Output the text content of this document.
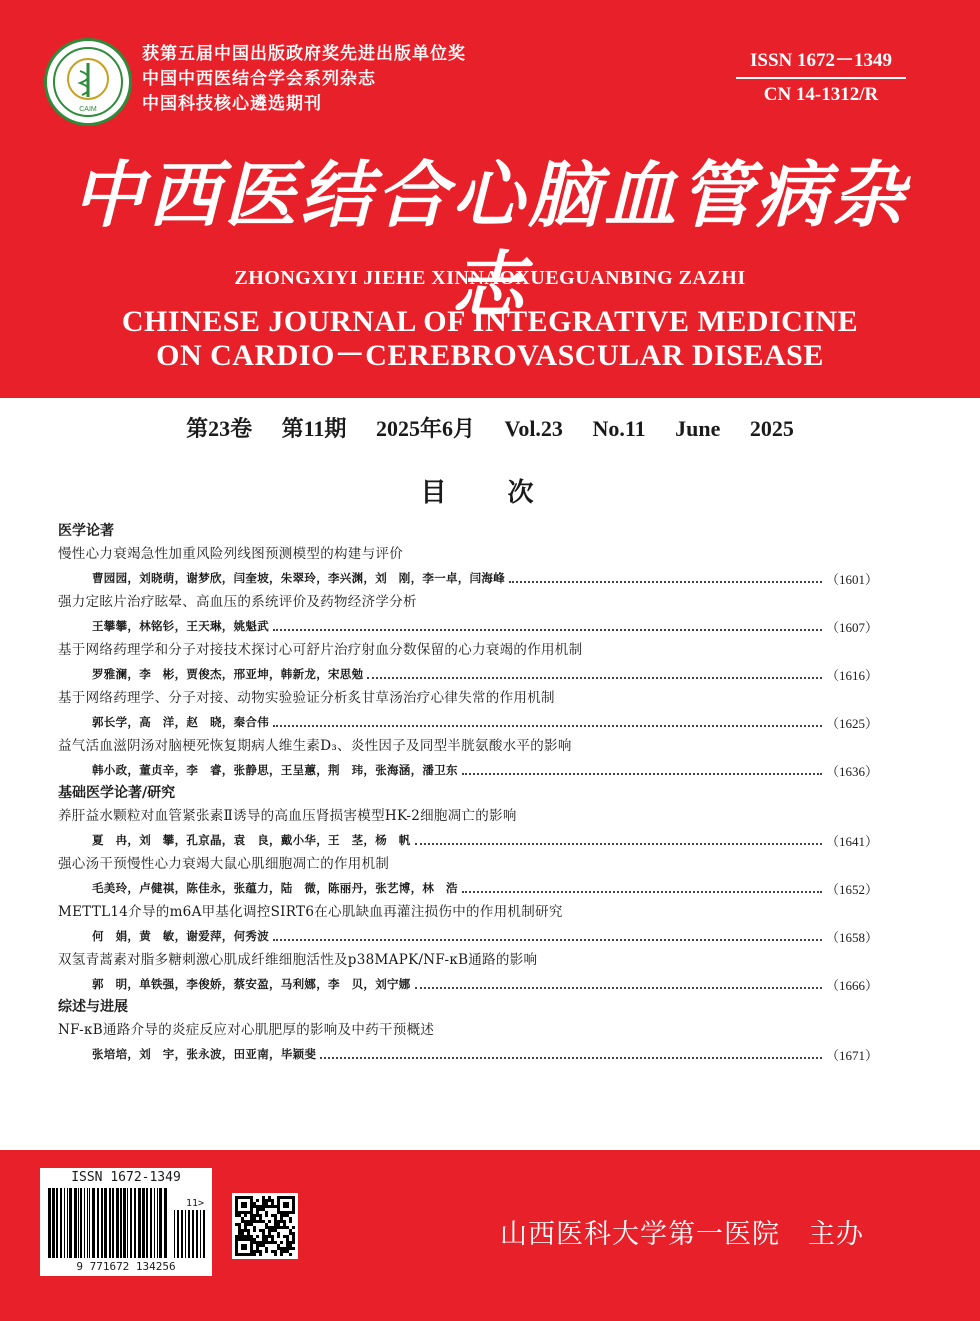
CAIM
获第五届中国出版政府奖先进出版单位奖
中国中西医结合学会系列杂志
中国科技核心遴选期刊
ISSN 1672－1349
CN 14-1312/R
中西医结合心脑血管病杂志
ZHONGXIYI JIEHE XINNAOXUEGUANBING ZAZHI
CHINESE JOURNAL OF INTEGRATIVE MEDICINE
ON CARDIO－CEREBROVASCULAR DISEASE
第23卷 第11期 2025年6月 Vol.23 No.11 June 2025
目 次
医学论著
慢性心力衰竭急性加重风险列线图预测模型的构建与评价
曹园园，刘晓萌，谢梦欣，闫奎坡，朱翠玲，李兴渊，刘　刚，李一卓，闫海峰	（1601）
强力定眩片治疗眩晕、高血压的系统评价及药物经济学分析
王攀攀，林铭钐，王天琳，姚魁武	（1607）
基于网络药理学和分子对接技术探讨心可舒片治疗射血分数保留的心力衰竭的作用机制
罗雅澜，李　彬，贾俊杰，邢亚坤，韩新龙，宋思勉	（1616）
基于网络药理学、分子对接、动物实验验证分析炙甘草汤治疗心律失常的作用机制
郭长学，高　洋，赵　晓，秦合伟	（1625）
益气活血滋阴汤对脑梗死恢复期病人维生素D₃、炎性因子及同型半胱氨酸水平的影响
韩小政，董贞辛，李　睿，张静思，王呈蕙，荆　玮，张海涵，潘卫东	（1636）
基础医学论著/研究
养肝益水颗粒对血管紧张素Ⅱ诱导的高血压肾损害模型HK-2细胞凋亡的影响
夏　冉，刘　攀，孔京晶，袁　良，戴小华，王　茎，杨　帆	（1641）
强心汤干预慢性心力衰竭大鼠心肌细胞凋亡的作用机制
毛美玲，卢健祺，陈佳永，张蕴力，陆　微，陈丽丹，张艺博，林　浩	（1652）
METTL14介导的m6A甲基化调控SIRT6在心肌缺血再灌注损伤中的作用机制研究
何　娟，黄　敏，谢爱萍，何秀波	（1658）
双氢青蒿素对脂多糖刺激心肌成纤维细胞活性及p38MAPK/NF-κB通路的影响
郭　明，单铁强，李俊娇，蔡安盈，马利娜，李　贝，刘宁娜	（1666）
综述与进展
NF-κB通路介导的炎症反应对心肌肥厚的影响及中药干预概述
张培培，刘　宇，张永波，田亚南，毕颖斐	（1671）
ISSN 1672-1349
11>
9 771672 134256
山西医科大学第一医院　主办
